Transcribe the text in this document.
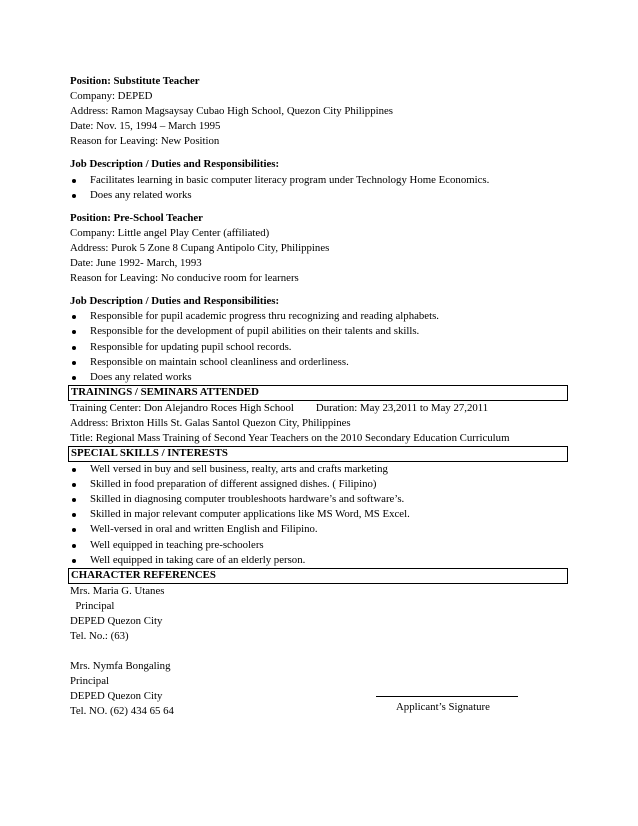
Position: Substitute Teacher
Company: DEPED
Address: Ramon Magsaysay Cubao High School, Quezon City Philippines
Date: Nov. 15, 1994 – March 1995
Reason for Leaving: New Position
Job Description / Duties and Responsibilities:
Facilitates learning in basic computer literacy program under Technology Home Economics.
Does any related works
Position: Pre-School Teacher
Company: Little angel Play Center (affiliated)
Address: Purok 5 Zone 8 Cupang Antipolo City, Philippines
Date: June 1992- March, 1993
Reason for Leaving: No conducive room for learners
Job Description / Duties and Responsibilities:
Responsible for pupil academic progress thru recognizing and reading alphabets.
Responsible for the development of pupil abilities on their talents and skills.
Responsible for updating pupil school records.
Responsible on maintain school cleanliness and orderliness.
Does any related works
TRAININGS / SEMINARS ATTENDED
Training Center: Don Alejandro Roces High School Duration: May 23,2011 to May 27,2011
Address: Brixton Hills St. Galas Santol Quezon City, Philippines
Title: Regional Mass Training of Second Year Teachers on the 2010 Secondary Education Curriculum
SPECIAL SKILLS / INTERESTS
Well versed in buy and sell business, realty, arts and crafts marketing
Skilled in food preparation of different assigned dishes. ( Filipino)
Skilled in diagnosing computer troubleshoots hardware’s and software’s.
Skilled in major relevant computer applications like MS Word, MS Excel.
Well-versed in oral and written English and Filipino.
Well equipped in teaching pre-schoolers
Well equipped in taking care of an elderly person.
CHARACTER REFERENCES
Mrs. Maria G. Utanes
Principal
DEPED Quezon City
Tel. No.: (63)
Mrs. Nymfa Bongaling
Principal
DEPED Quezon City
Tel. NO. (62) 434 65 64	Applicant’s Signature
